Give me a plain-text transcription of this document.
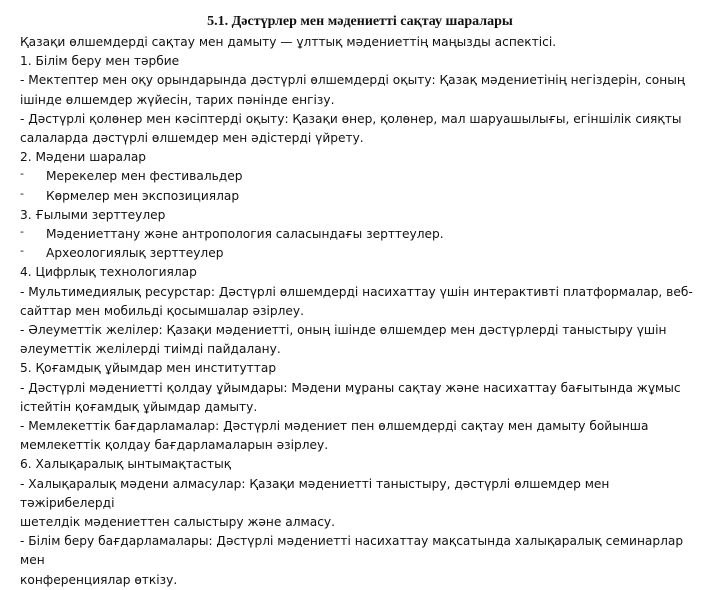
5.1. Дәстүрлер мен мәдениетті сақтау шаралары
Қазақи өлшемдерді сақтау мен дамыту — ұлттық мәдениеттің маңызды аспектісі.
1. Білім беру мен тәрбие
- Мектептер мен оқу орындарында дәстүрлі өлшемдерді оқыту: Қазақ мәдениетінің негіздерін, соның
ішінде өлшемдер жүйесін, тарих пәнінде енгізу.
- Дәстүрлі қолөнер мен кәсіптерді оқыту: Қазақи өнер, қолөнер, мал шаруашылығы, егіншілік сияқты
салаларда дәстүрлі өлшемдер мен әдістерді үйрету.
2. Мәдени шаралар
- Мерекелер мен фестивальдер
- Көрмелер мен экспозициялар
3. Ғылыми зерттеулер
- Мәдениеттану және антропология саласындағы зерттеулер.
- Археологиялық зерттеулер
4. Цифрлық технологиялар
- Мультимедиялық ресурстар: Дәстүрлі өлшемдерді насихаттау үшін интерактивті платформалар, веб-
сайттар мен мобильді қосымшалар әзірлеу.
- Әлеуметтік желілер: Қазақи мәдениетті, оның ішінде өлшемдер мен дәстүрлерді таныстыру үшін
әлеуметтік желілерді тиімді пайдалану.
5. Қоғамдық ұйымдар мен институттар
- Дәстүрлі мәдениетті қолдау ұйымдары: Мәдени мұраны сақтау және насихаттау бағытында жұмыс
істейтін қоғамдық ұйымдар дамыту.
- Мемлекеттік бағдарламалар: Дәстүрлі мәдениет пен өлшемдерді сақтау мен дамыту бойынша
мемлекеттік қолдау бағдарламаларын әзірлеу.
6. Халықаралық ынтымақтастық
- Халықаралық мәдени алмасулар: Қазақи мәдениетті таныстыру, дәстүрлі өлшемдер мен тәжірибелерді
шетелдік мәдениеттен салыстыру және алмасу.
- Білім беру бағдарламалары: Дәстүрлі мәдениетті насихаттау мақсатында халықаралық семинарлар мен
конференциялар өткізу.
